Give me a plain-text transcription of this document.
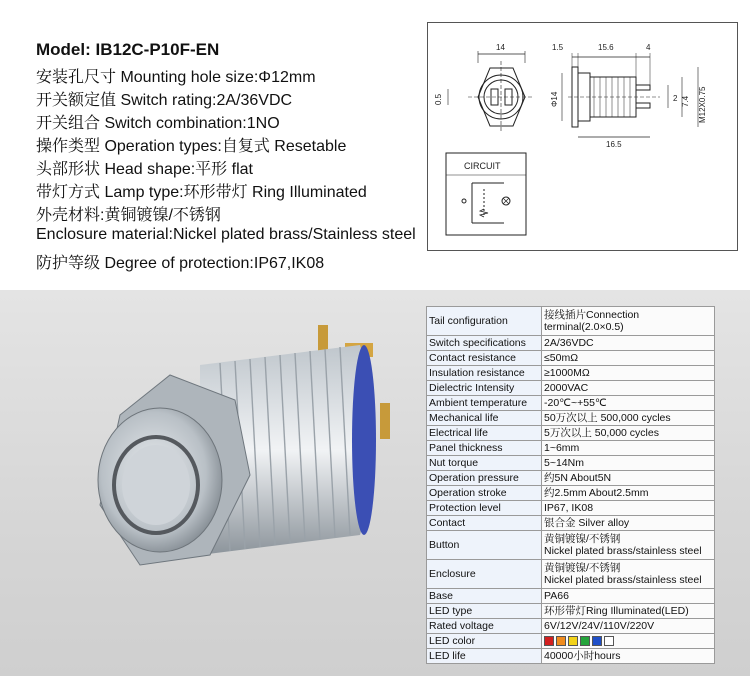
Model: IB12C-P10F-EN
安装孔尺寸 Mounting hole size:Φ12mm
开关额定值 Switch rating:2A/36VDC
开关组合 Switch combination:1NO
操作类型 Operation types:自复式 Resetable
头部形状 Head shape:平形 flat
带灯方式 Lamp type:环形带灯 Ring Illuminated
外壳材料:黄铜镀镍/不锈钢
Enclosure material:Nickel plated brass/Stainless steel
防护等级 Degree of protection:IP67,IK08
14
0.5
1.5	15.6	4
Φ14	2 7.4 M12X0.75
16.5
CIRCUIT
Tail configuration	接线插片Connection terminal(2.0×0.5)
Switch specifications	2A/36VDC
Contact resistance	≤50mΩ
Insulation resistance	≥1000MΩ
Dielectric Intensity	2000VAC
Ambient temperature	-20℃~+55℃
Mechanical life	50万次以上 500,000 cycles
Electrical life	5万次以上 50,000 cycles
Panel thickness	1~6mm
Nut torque	5~14Nm
Operation pressure	约5N About5N
Operation stroke	约2.5mm About2.5mm
Protection level	IP67, IK08
Contact	银合金 Silver alloy
Button	黄铜镀镍/不锈钢
Nickel plated brass/stainless steel

Enclosure	黄铜镀镍/不锈钢
Nickel plated brass/stainless steel

Base	PA66
LED type	环形带灯Ring Illuminated(LED)
Rated voltage	6V/12V/24V/110V/220V
LED color	
LED life	40000小时hours
